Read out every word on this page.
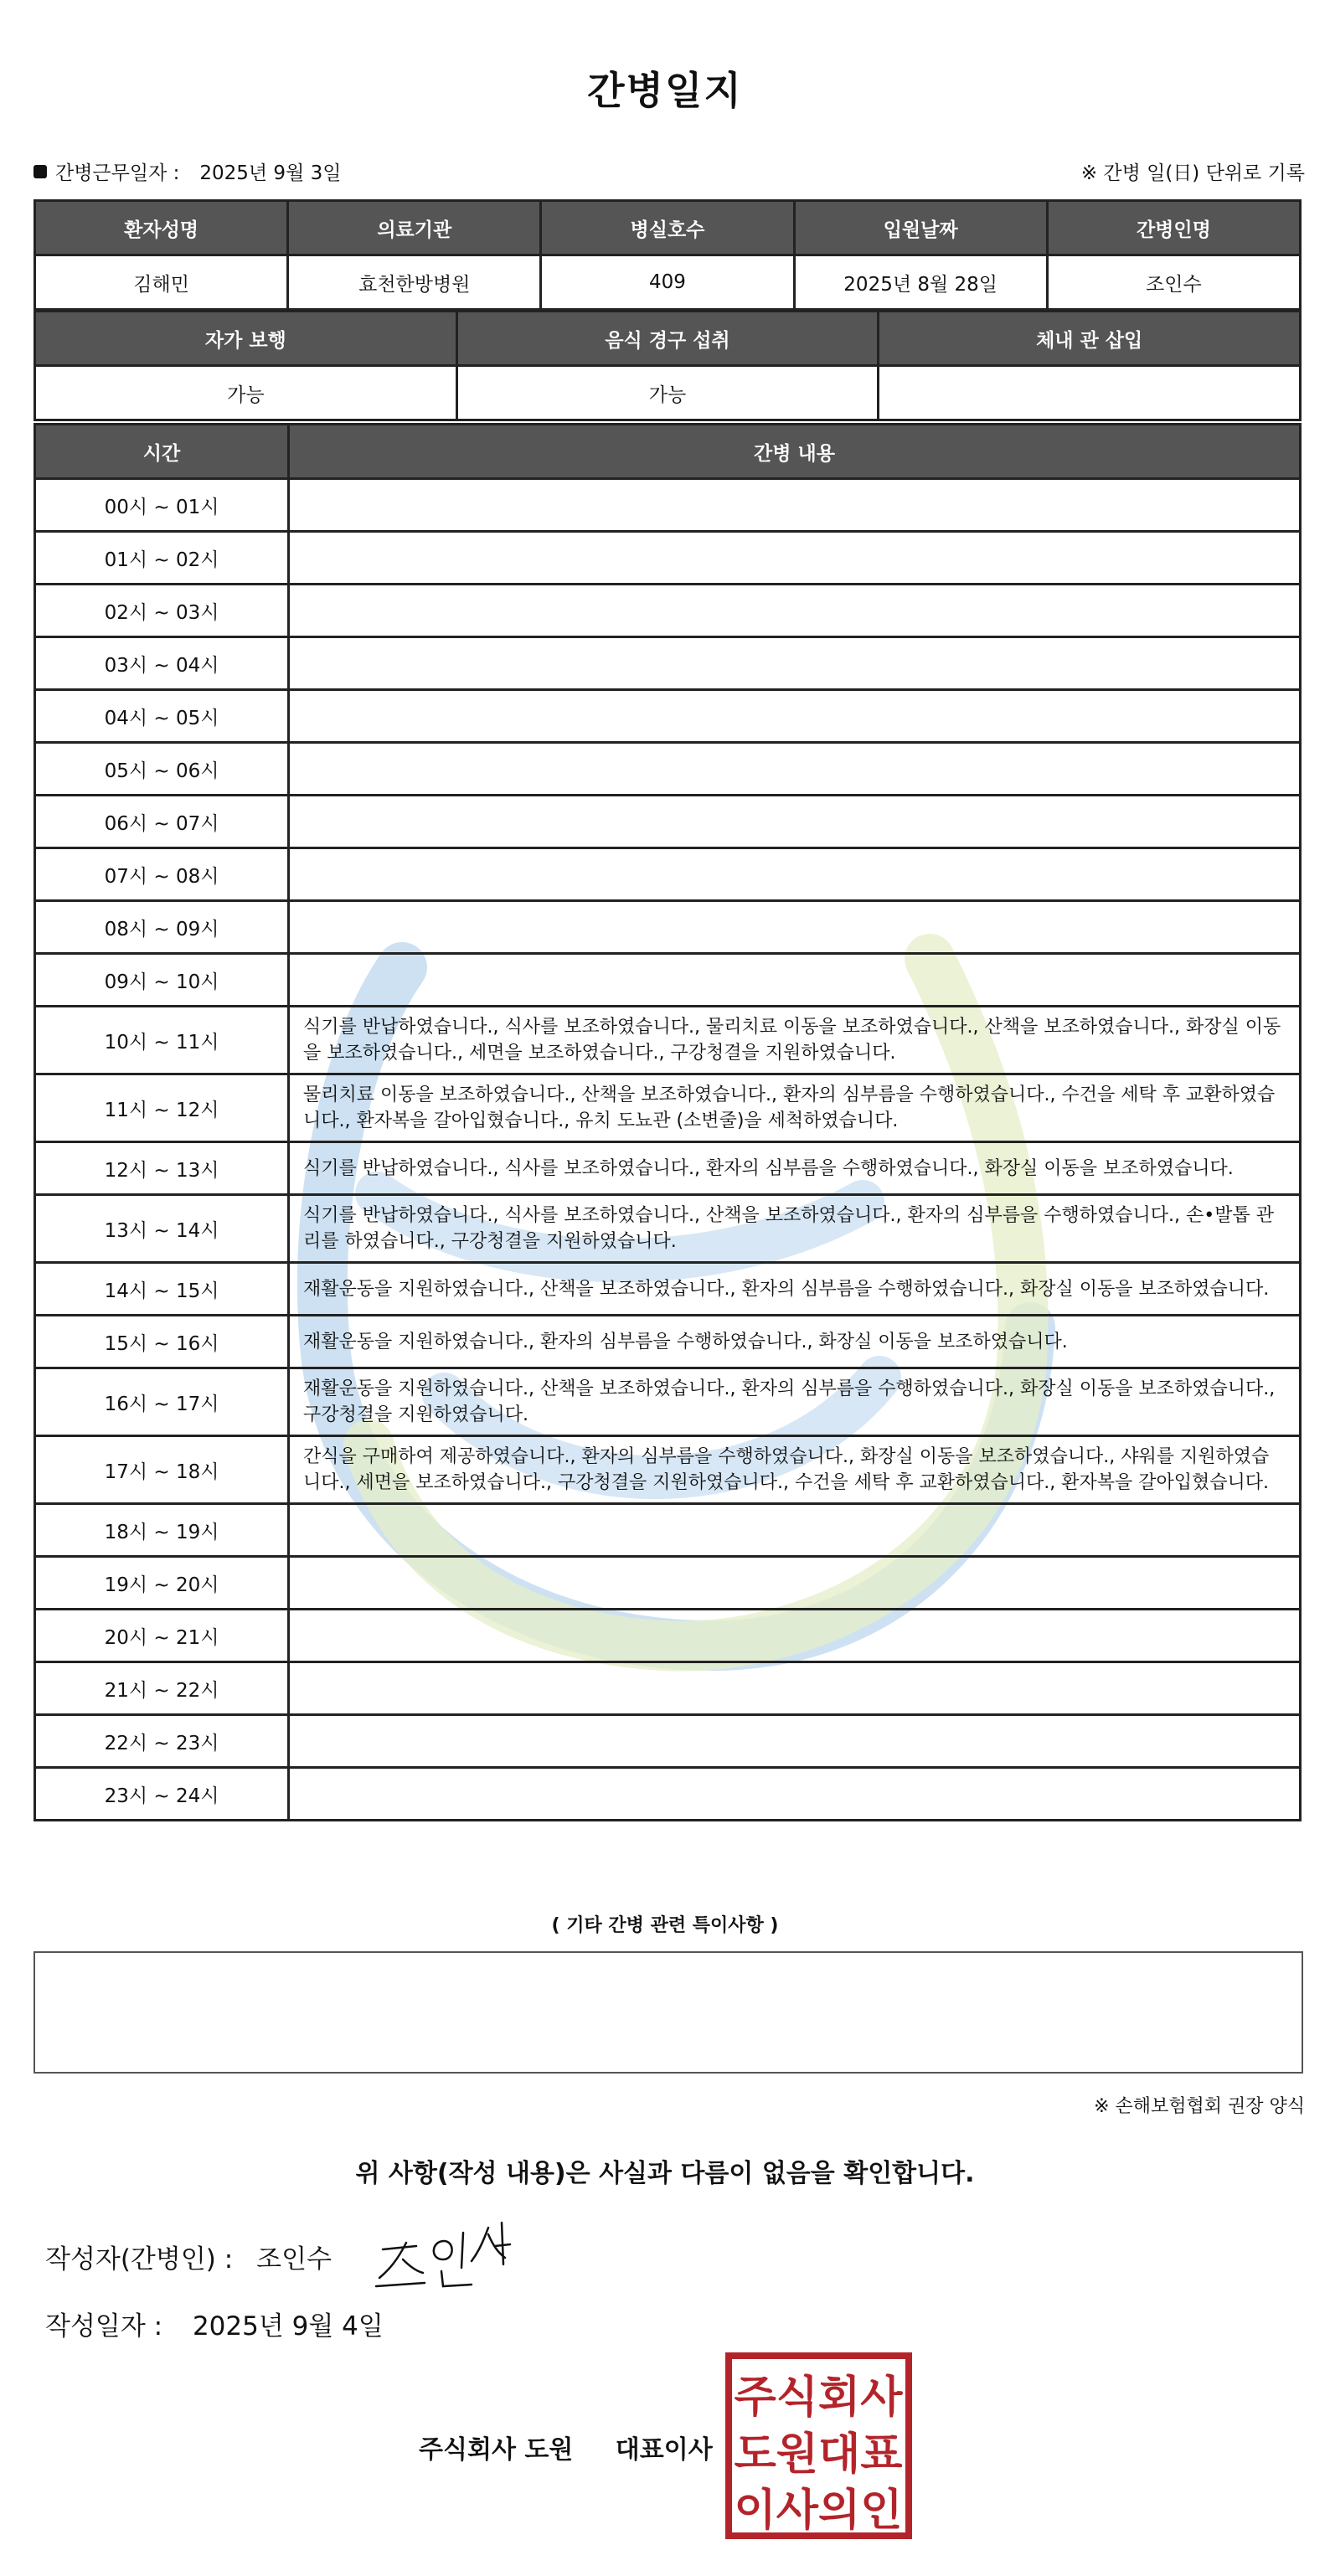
간병일지
간병근무일자 : 2025년 9월 3일	※ 간병 일(日) 단위로 기록
환자성명	의료기관	병실호수	입원날짜	간병인명
김해민	효천한방병원	409	2025년 8월 28일	조인수
자가 보행	음식 경구 섭취	체내 관 삽입
가능	가능	
시간	간병 내용
00시 ~ 01시	
01시 ~ 02시	
02시 ~ 03시	
03시 ~ 04시	
04시 ~ 05시	
05시 ~ 06시	
06시 ~ 07시	
07시 ~ 08시	
08시 ~ 09시	
09시 ~ 10시	
10시 ~ 11시	식기를 반납하였습니다., 식사를 보조하였습니다., 물리치료 이동을 보조하였습니다., 산책을 보조하였습니다., 화장실 이동을 보조하였습니다., 세면을 보조하였습니다., 구강청결을 지원하였습니다.
11시 ~ 12시	물리치료 이동을 보조하였습니다., 산책을 보조하였습니다., 환자의 심부름을 수행하였습니다., 수건을 세탁 후 교환하였습니다., 환자복을 갈아입혔습니다., 유치 도뇨관 (소변줄)을 세척하였습니다.
12시 ~ 13시	식기를 반납하였습니다., 식사를 보조하였습니다., 환자의 심부름을 수행하였습니다., 화장실 이동을 보조하였습니다.
13시 ~ 14시	식기를 반납하였습니다., 식사를 보조하였습니다., 산책을 보조하였습니다., 환자의 심부름을 수행하였습니다., 손•발톱 관리를 하였습니다., 구강청결을 지원하였습니다.
14시 ~ 15시	재활운동을 지원하였습니다., 산책을 보조하였습니다., 환자의 심부름을 수행하였습니다., 화장실 이동을 보조하였습니다.
15시 ~ 16시	재활운동을 지원하였습니다., 환자의 심부름을 수행하였습니다., 화장실 이동을 보조하였습니다.
16시 ~ 17시	재활운동을 지원하였습니다., 산책을 보조하였습니다., 환자의 심부름을 수행하였습니다., 화장실 이동을 보조하였습니다., 구강청결을 지원하였습니다.
17시 ~ 18시	간식을 구매하여 제공하였습니다., 환자의 심부름을 수행하였습니다., 화장실 이동을 보조하였습니다., 샤워를 지원하였습니다., 세면을 보조하였습니다., 구강청결을 지원하였습니다., 수건을 세탁 후 교환하였습니다., 환자복을 갈아입혔습니다.
18시 ~ 19시	
19시 ~ 20시	
20시 ~ 21시	
21시 ~ 22시	
22시 ~ 23시	
23시 ~ 24시	
( 기타 간병 관련 특이사항 )
※ 손해보험협회 권장 양식
위 사항(작성 내용)은 사실과 다름이 없음을 확인합니다.
작성자(간병인) : 조인수
작성일자 : 2025년 9월 4일
주식회사 도원 대표이사
주식회사
도원대표
이사의인
